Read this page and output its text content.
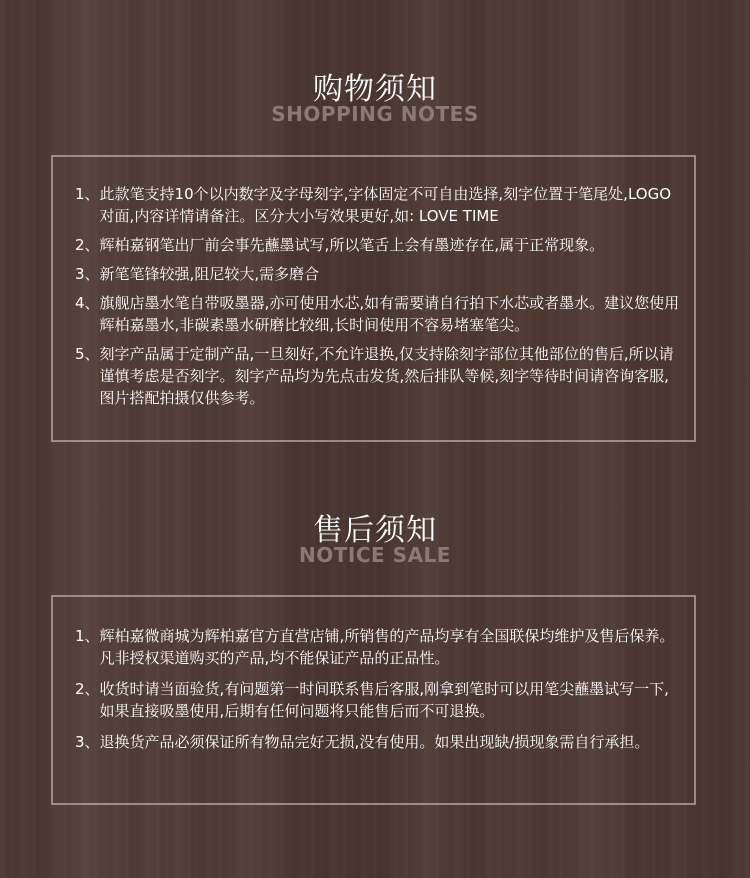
购物须知
SHOPPING NOTES
1、 此款笔支持10个以内数字及字母刻字,字体固定不可自由选择,刻字位置于笔尾处,LOGO对面,内容详情请备注。区分大小写效果更好,如: LOVE TIME
2、 辉柏嘉钢笔出厂前会事先蘸墨试写,所以笔舌上会有墨迹存在,属于正常现象。
3、 新笔笔锋较强,阻尼较大,需多磨合
4、 旗舰店墨水笔自带吸墨器,亦可使用水芯,如有需要请自行拍下水芯或者墨水。建议您使用辉柏嘉墨水,非碳素墨水研磨比较细,长时间使用不容易堵塞笔尖。
5、 刻字产品属于定制产品,一旦刻好,不允许退换,仅支持除刻字部位其他部位的售后,所以请谨慎考虑是否刻字。刻字产品均为先点击发货,然后排队等候,刻字等待时间请咨询客服,图片搭配拍摄仅供参考。
售后须知
NOTICE SALE
1、 辉柏嘉微商城为辉柏嘉官方直营店铺,所销售的产品均享有全国联保均维护及售后保养。凡非授权渠道购买的产品,均不能保证产品的正品性。
2、 收货时请当面验货,有问题第一时间联系售后客服,刚拿到笔时可以用笔尖蘸墨试写一下,如果直接吸墨使用,后期有任何问题将只能售后而不可退换。
3、 退换货产品必须保证所有物品完好无损,没有使用。如果出现缺/损现象需自行承担。
